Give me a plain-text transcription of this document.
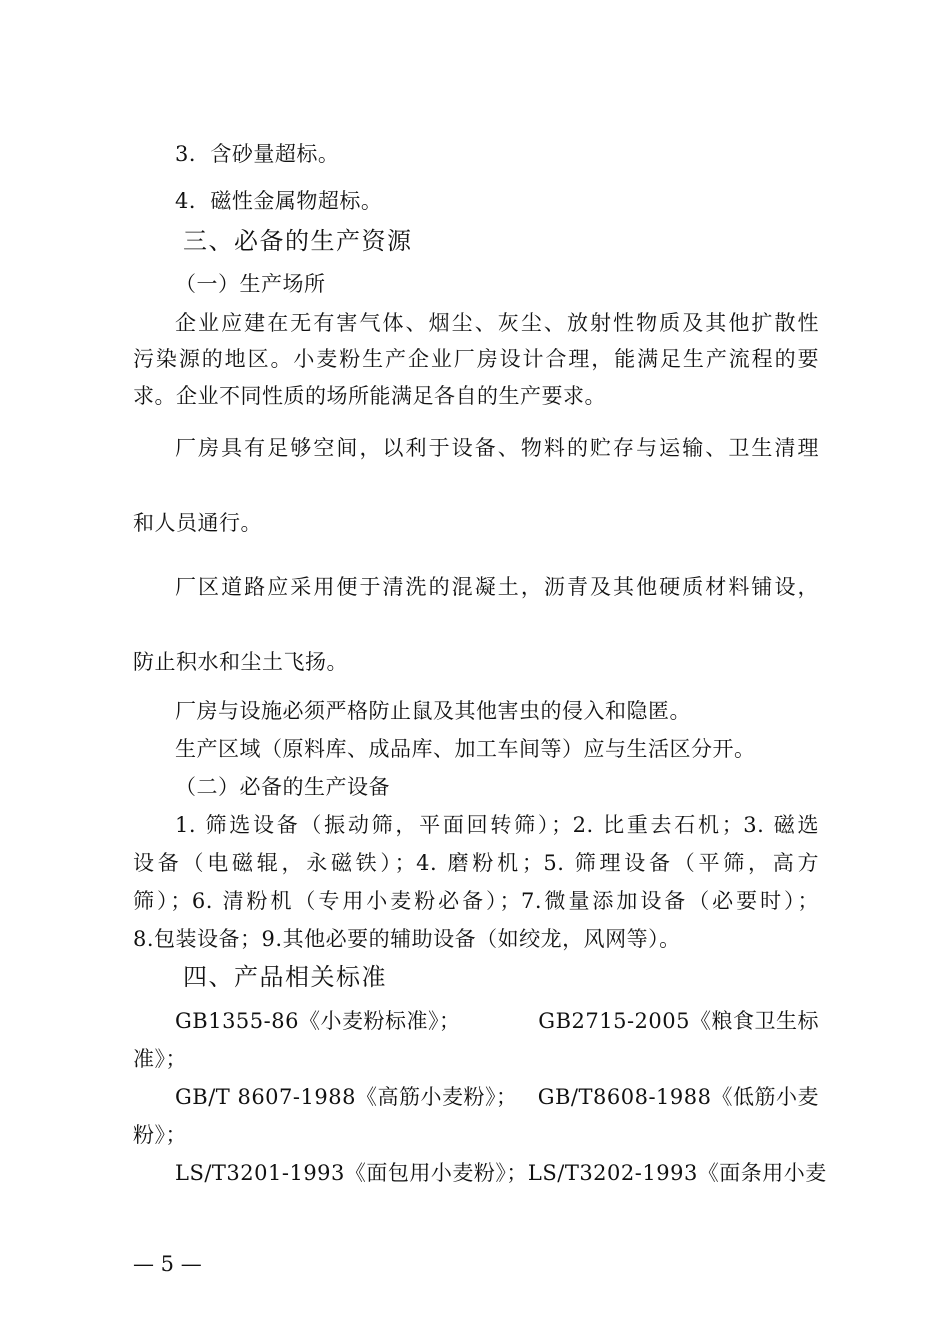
3．含砂量超标。
4．磁性金属物超标。
三、必备的生产资源
（一）生产场所
企业应建在无有害气体、烟尘、灰尘、放射性物质及其他扩散性
污染源的地区。小麦粉生产企业厂房设计合理，能满足生产流程的要
求。企业不同性质的场所能满足各自的生产要求。
厂房具有足够空间，以利于设备、物料的贮存与运输、卫生清理
和人员通行。
厂区道路应采用便于清洗的混凝土，沥青及其他硬质材料铺设，
防止积水和尘土飞扬。
厂房与设施必须严格防止鼠及其他害虫的侵入和隐匿。
生产区域（原料库、成品库、加工车间等）应与生活区分开。
（二）必备的生产设备
1. 筛选设备（振动筛，平面回转筛）；2. 比重去石机；3. 磁选
设备（电磁辊，永磁铁）；4. 磨粉机；5. 筛理设备（平筛，高方
筛）；6. 清粉机（专用小麦粉必备）；7.微量添加设备（必要时）；
8.包装设备；9.其他必要的辅助设备（如绞龙，风网等）。
四、产品相关标准
GB1355-86《小麦粉标准》；	GB2715-2005《粮食卫生标
准》；
GB/T 8607-1988《高筋小麦粉》； GB/T8608-1988《低筋小麦
粉》；
LS/T3201-1993《面包用小麦粉》； LS/T3202-1993《面条用小麦
— 5 —
